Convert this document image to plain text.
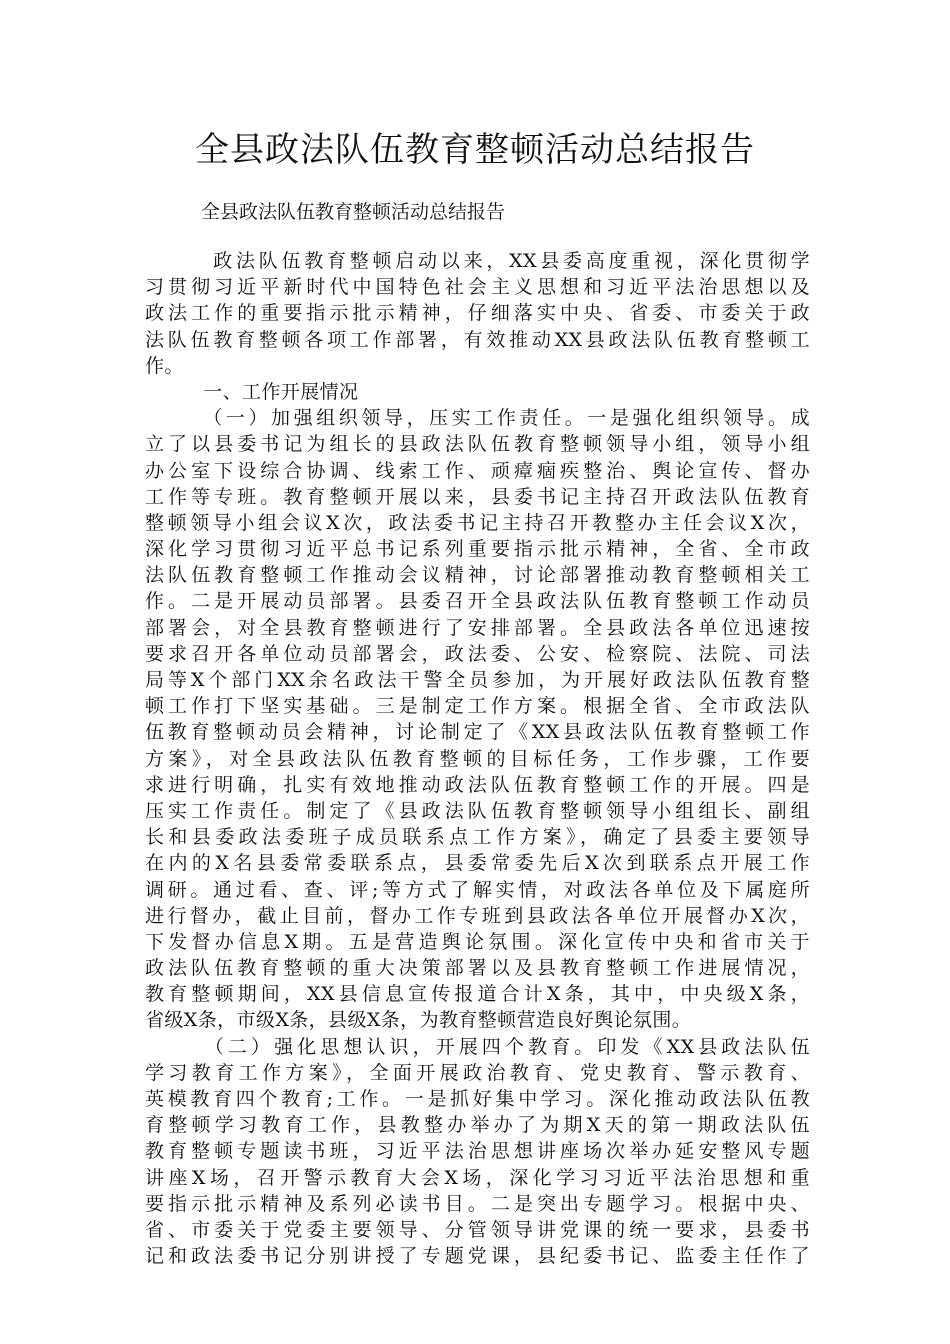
全县政法队伍教育整顿活动总结报告

全县政法队伍教育整顿活动总结报告

　　　政法队伍教育整顿启动以来，XX县委高度重视，深化贯彻学
习贯彻习近平新时代中国特色社会主义思想和习近平法治思想以及
政法工作的重要指示批示精神，仔细落实中央、省委、市委关于政
法队伍教育整顿各项工作部署，有效推动XX县政法队伍教育整顿工
作。
　　　一、工作开展情况
　　　（一）加强组织领导，压实工作责任。一是强化组织领导。成
立了以县委书记为组长的县政法队伍教育整顿领导小组，领导小组
办公室下设综合协调、线索工作、顽瘴痼疾整治、舆论宣传、督办
工作等专班。教育整顿开展以来，县委书记主持召开政法队伍教育
整顿领导小组会议X次，政法委书记主持召开教整办主任会议X次，
深化学习贯彻习近平总书记系列重要指示批示精神，全省、全市政
法队伍教育整顿工作推动会议精神，讨论部署推动教育整顿相关工
作。二是开展动员部署。县委召开全县政法队伍教育整顿工作动员
部署会，对全县教育整顿进行了安排部署。全县政法各单位迅速按
要求召开各单位动员部署会，政法委、公安、检察院、法院、司法
局等X个部门XX余名政法干警全员参加，为开展好政法队伍教育整
顿工作打下坚实基础。三是制定工作方案。根据全省、全市政法队
伍教育整顿动员会精神，讨论制定了《XX县政法队伍教育整顿工作
方案》，对全县政法队伍教育整顿的目标任务，工作步骤，工作要
求进行明确，扎实有效地推动政法队伍教育整顿工作的开展。四是
压实工作责任。制定了《县政法队伍教育整顿领导小组组长、副组
长和县委政法委班子成员联系点工作方案》，确定了县委主要领导
在内的X名县委常委联系点，县委常委先后X次到联系点开展工作
调研。通过看、查、评;等方式了解实情，对政法各单位及下属庭所
进行督办，截止目前，督办工作专班到县政法各单位开展督办X次，
下发督办信息X期。五是营造舆论氛围。深化宣传中央和省市关于
政法队伍教育整顿的重大决策部署以及县教育整顿工作进展情况，
教育整顿期间，XX县信息宣传报道合计X条，其中，中央级X条，
省级X条，市级X条，县级X条，为教育整顿营造良好舆论氛围。
　　　（二）强化思想认识，开展四个教育。印发《XX县政法队伍
学习教育工作方案》，全面开展政治教育、党史教育、警示教育、
英模教育四个教育;工作。一是抓好集中学习。深化推动政法队伍教
育整顿学习教育工作，县教整办举办了为期X天的第一期政法队伍
教育整顿专题读书班，习近平法治思想讲座场次举办延安整风专题
讲座X场，召开警示教育大会X场，深化学习习近平法治思想和重
要指示批示精神及系列必读书目。二是突出专题学习。根据中央、
省、市委关于党委主要领导、分管领导讲党课的统一要求，县委书
记和政法委书记分别讲授了专题党课，县纪委书记、监委主任作了
